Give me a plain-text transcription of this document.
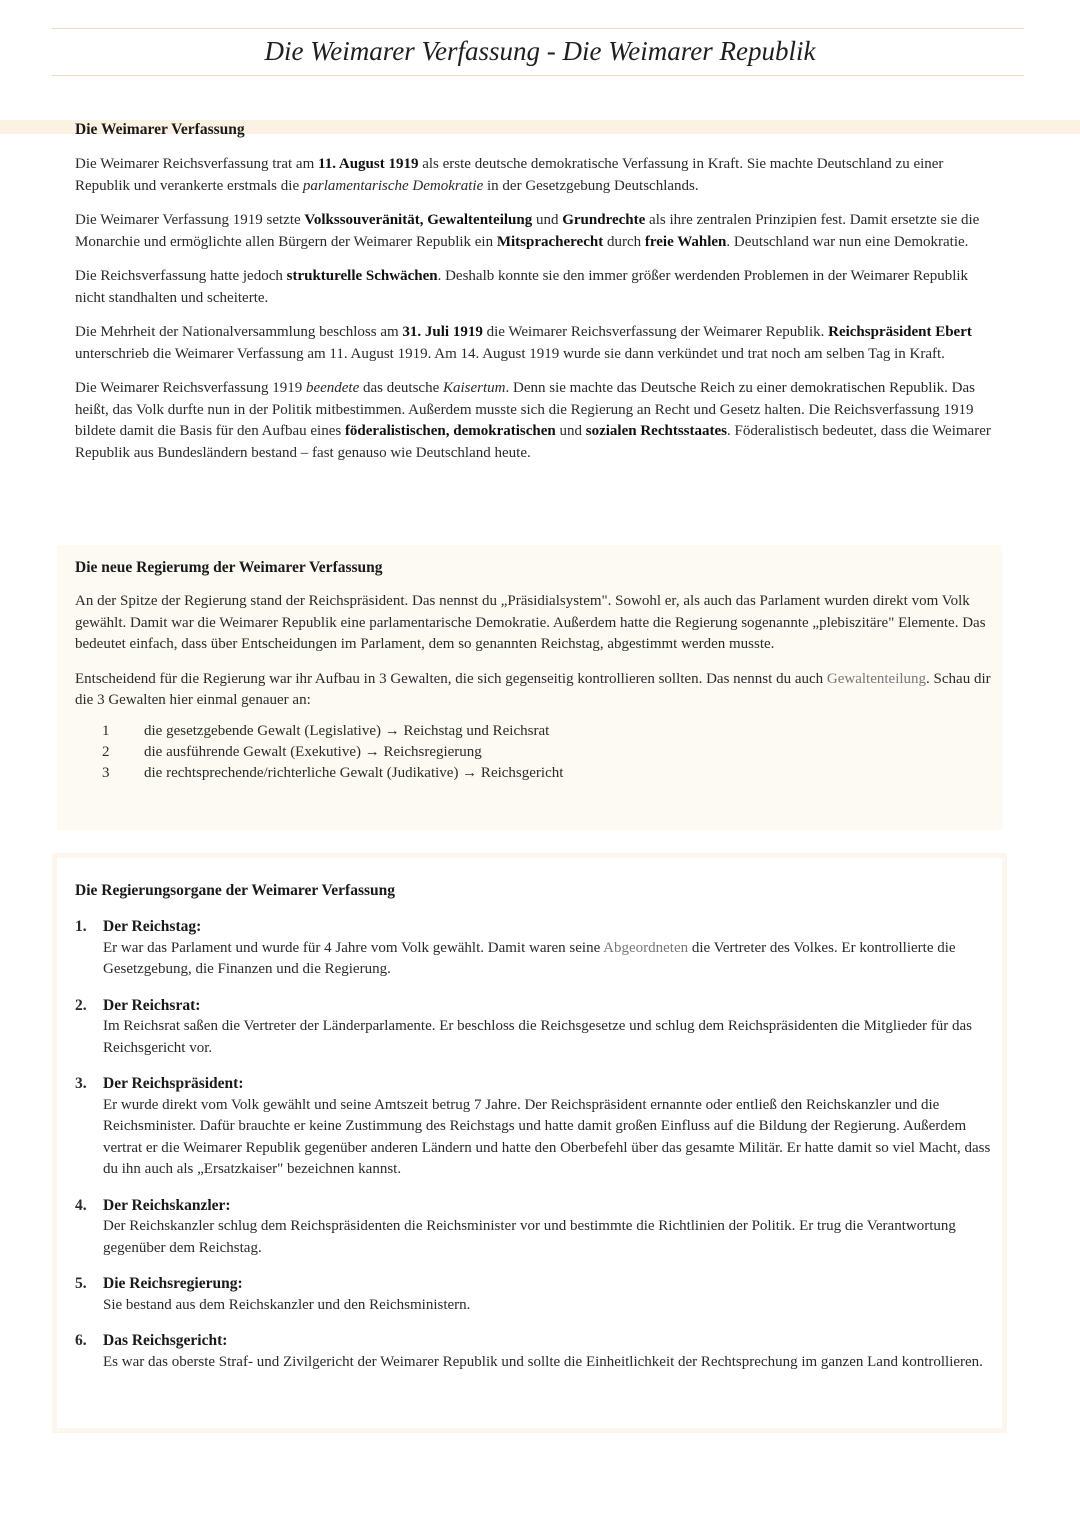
Die Weimarer Verfassung - Die Weimarer Republik
Die Weimarer Verfassung

Die Weimarer Reichsverfassung trat am 11. August 1919 als erste deutsche demokratische Verfassung in Kraft. Sie machte Deutschland zu einer Republik und verankerte erstmals die parlamentarische Demokratie in der Gesetzgebung Deutschlands.

Die Weimarer Verfassung 1919 setzte Volkssouveränität, Gewaltenteilung und Grundrechte als ihre zentralen Prinzipien fest. Damit ersetzte sie die Monarchie und ermöglichte allen Bürgern der Weimarer Republik ein Mitspracherecht durch freie Wahlen. Deutschland war nun eine Demokratie.

Die Reichsverfassung hatte jedoch strukturelle Schwächen. Deshalb konnte sie den immer größer werdenden Problemen in der Weimarer Republik nicht standhalten und scheiterte.

Die Mehrheit der Nationalversammlung beschloss am 31. Juli 1919 die Weimarer Reichsverfassung der Weimarer Republik. Reichspräsident Ebert unterschrieb die Weimarer Verfassung am 11. August 1919. Am 14. August 1919 wurde sie dann verkündet und trat noch am selben Tag in Kraft.

Die Weimarer Reichsverfassung 1919 beendete das deutsche Kaisertum. Denn sie machte das Deutsche Reich zu einer demokratischen Republik. Das heißt, das Volk durfte nun in der Politik mitbestimmen. Außerdem musste sich die Regierung an Recht und Gesetz halten. Die Reichsverfassung 1919 bildete damit die Basis für den Aufbau eines föderalistischen, demokratischen und sozialen Rechtsstaates. Föderalistisch bedeutet, dass die Weimarer Republik aus Bundesländern bestand – fast genauso wie Deutschland heute.

Die neue Regierumg der Weimarer Verfassung

An der Spitze der Regierung stand der Reichspräsident. Das nennst du „Präsidialsystem". Sowohl er, als auch das Parlament wurden direkt vom Volk gewählt. Damit war die Weimarer Republik eine parlamentarische Demokratie. Außerdem hatte die Regierung sogenannte „plebiszitäre" Elemente. Das bedeutet einfach, dass über Entscheidungen im Parlament, dem so genannten Reichstag, abgestimmt werden musste.

Entscheidend für die Regierung war ihr Aufbau in 3 Gewalten, die sich gegenseitig kontrollieren sollten. Das nennst du auch Gewaltenteilung. Schau dir die 3 Gewalten hier einmal genauer an:

1	die gesetzgebende Gewalt (Legislative) → Reichstag und Reichsrat
2	die ausführende Gewalt (Exekutive) → Reichsregierung
3	die rechtsprechende/richterliche Gewalt (Judikative) → Reichsgericht
Die Regierungsorgane der Weimarer Verfassung
1.	Der Reichstag:

Er war das Parlament und wurde für 4 Jahre vom Volk gewählt. Damit waren seine Abgeordneten die Vertreter des Volkes. Er kontrollierte die Gesetzgebung, die Finanzen und die Regierung.

2.	Der Reichsrat:

Im Reichsrat saßen die Vertreter der Länderparlamente. Er beschloss die Reichsgesetze und schlug dem Reichspräsidenten die Mitglieder für das Reichsgericht vor.

3.	Der Reichspräsident:

Er wurde direkt vom Volk gewählt und seine Amtszeit betrug 7 Jahre. Der Reichspräsident ernannte oder entließ den Reichskanzler und die Reichsminister. Dafür brauchte er keine Zustimmung des Reichstags und hatte damit großen Einfluss auf die Bildung der Regierung. Außerdem vertrat er die Weimarer Republik gegenüber anderen Ländern und hatte den Oberbefehl über das gesamte Militär. Er hatte damit so viel Macht, dass du ihn auch als „Ersatzkaiser" bezeichnen kannst.

4.	Der Reichskanzler:

Der Reichskanzler schlug dem Reichspräsidenten die Reichsminister vor und bestimmte die Richtlinien der Politik. Er trug die Verantwortung gegenüber dem Reichstag.

5.	Die Reichsregierung:

Sie bestand aus dem Reichskanzler und den Reichsministern.

6.	Das Reichsgericht:

Es war das oberste Straf- und Zivilgericht der Weimarer Republik und sollte die Einheitlichkeit der Rechtsprechung im ganzen Land kontrollieren.
